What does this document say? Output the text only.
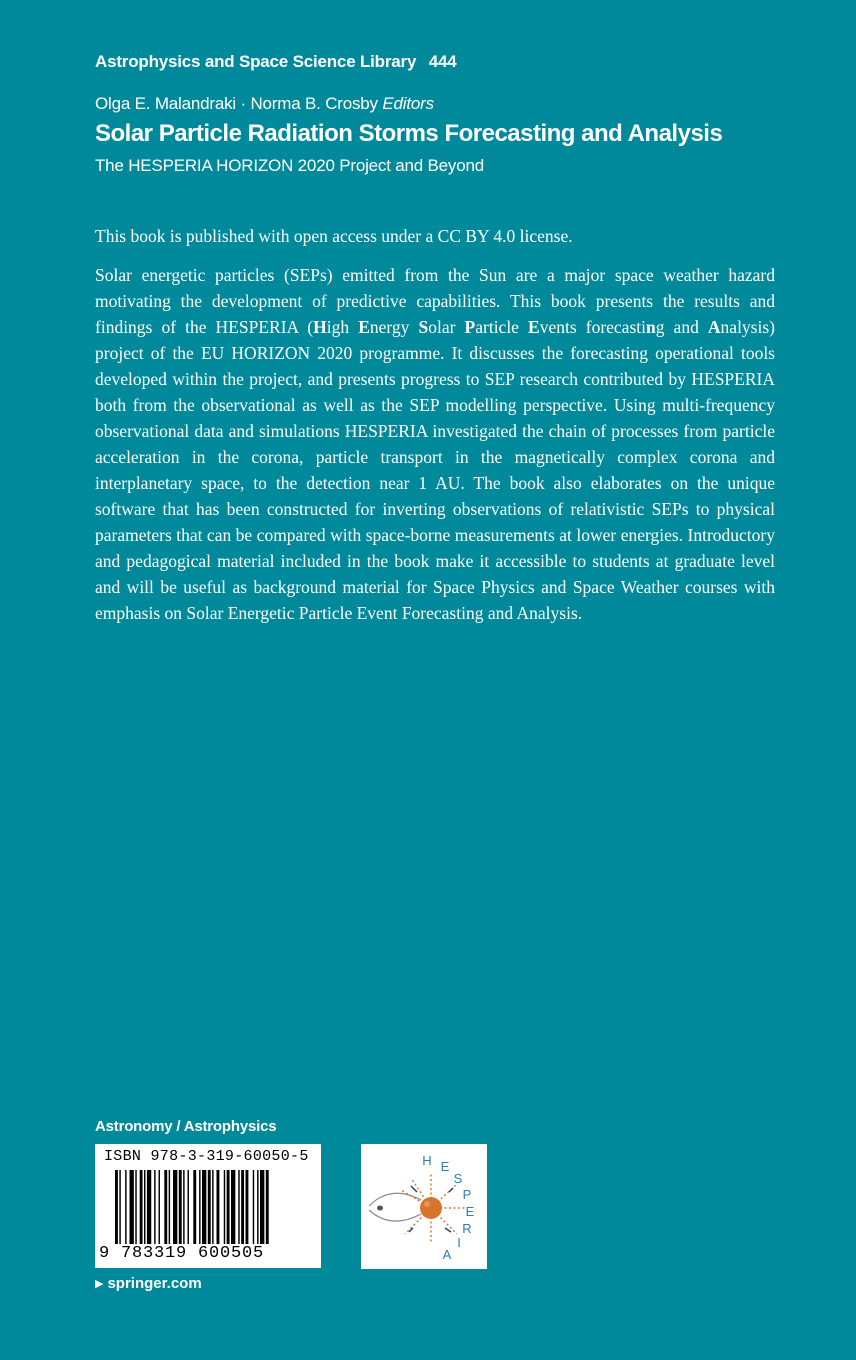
Astrophysics and Space Science Library 444
Olga E. Malandraki · Norma B. Crosby Editors
Solar Particle Radiation Storms Forecasting and Analysis
The HESPERIA HORIZON 2020 Project and Beyond
This book is published with open access under a CC BY 4.0 license.

Solar energetic particles (SEPs) emitted from the Sun are a major space weather hazard motivating the development of predictive capabilities. This book presents the results and findings of the HESPERIA (High Energy Solar Particle Events forecasting and Analysis) project of the EU HORIZON 2020 programme. It discusses the forecasting operational tools developed within the project, and presents progress to SEP research contributed by HESPERIA both from the observational as well as the SEP modelling perspective. Using multi-frequency observational data and simulations HESPERIA investigated the chain of processes from particle acceleration in the corona, particle transport in the magnetically complex corona and interplanetary space, to the detection near 1 AU. The book also elaborates on the unique software that has been constructed for inverting observations of relativistic SEPs to physical parameters that can be compared with space-borne measurements at lower energies. Introductory and pedagogical material included in the book make it accessible to students at graduate level and will be useful as background material for Space Physics and Space Weather courses with emphasis on Solar Energetic Particle Event Forecasting and Analysis.

Astronomy / Astrophysics
ISBN 978-3-319-60050-5
9 783319 600505
H E
S
P
E
R
I
A
▶ springer.com
